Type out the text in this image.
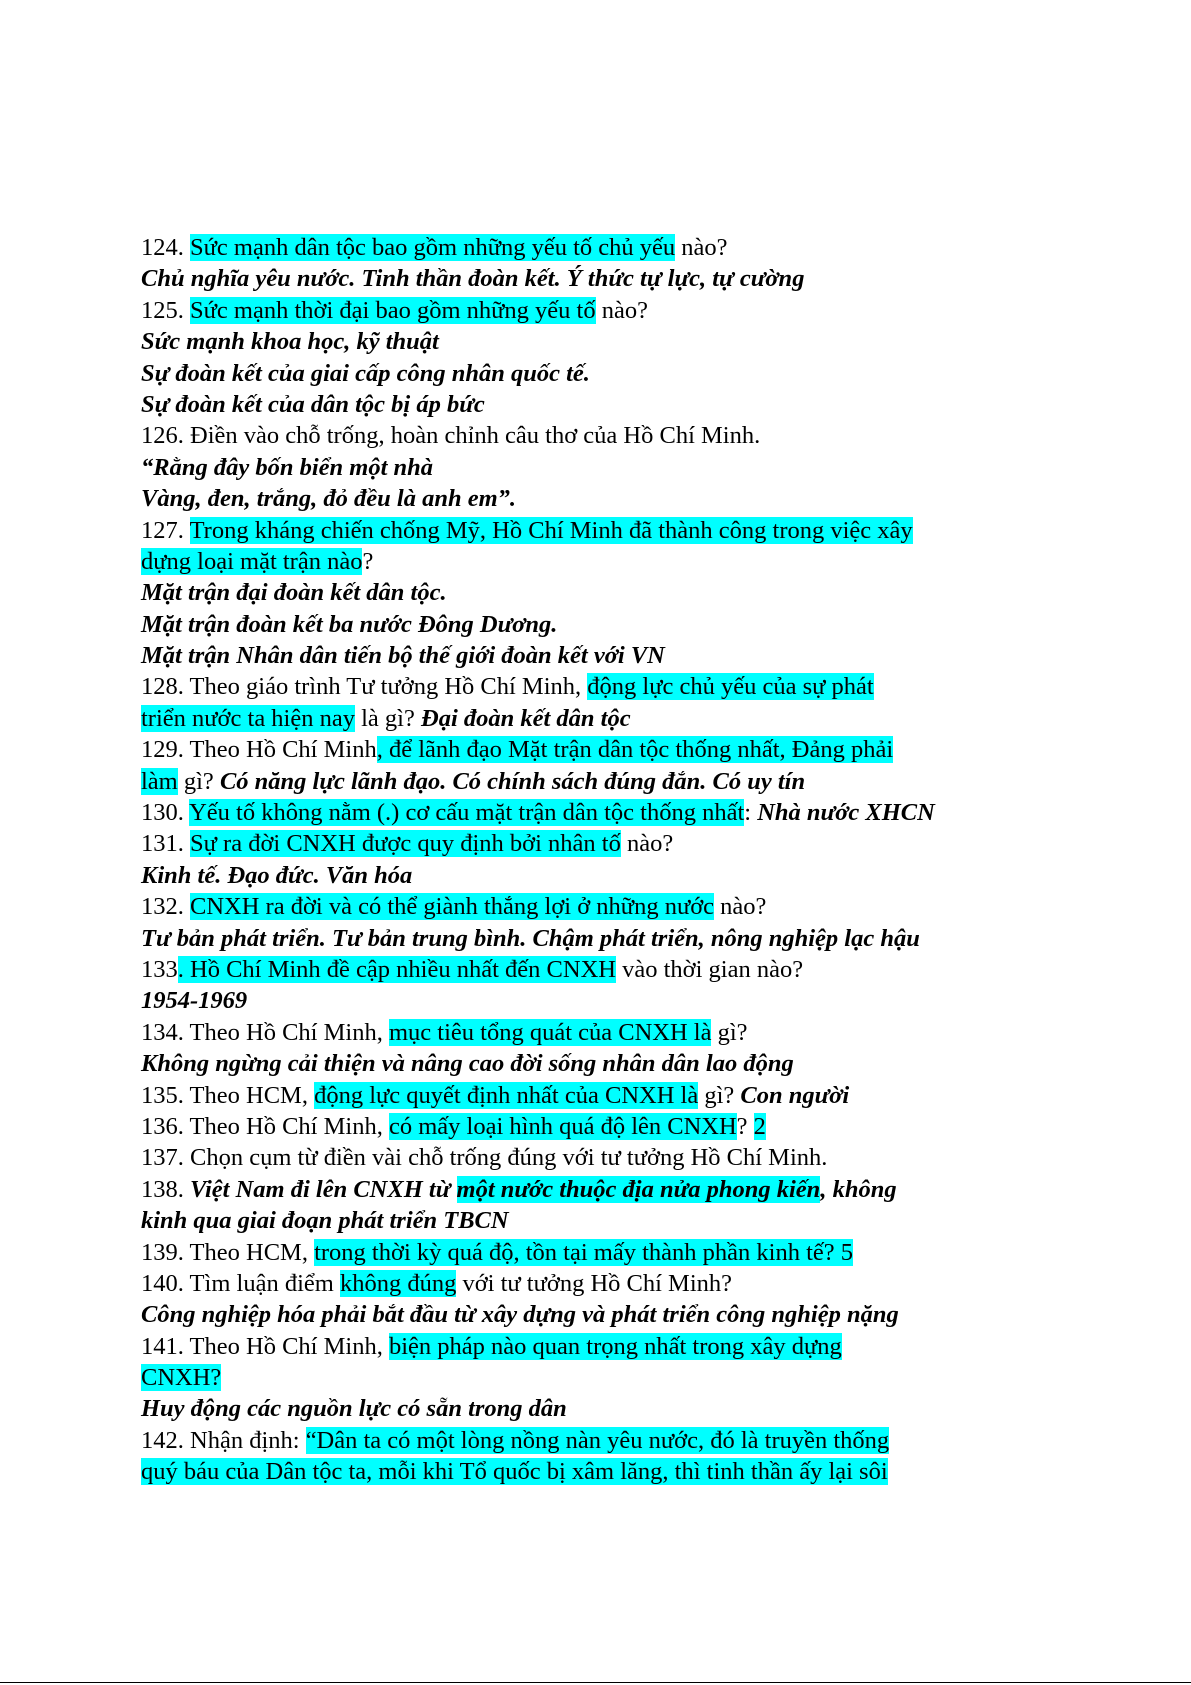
124. Sức mạnh dân tộc bao gồm những yếu tố chủ yếu nào?
Chủ nghĩa yêu nước. Tinh thần đoàn kết. Ý thức tự lực, tự cường
125. Sức mạnh thời đại bao gồm những yếu tố nào?
Sức mạnh khoa học, kỹ thuật
Sự đoàn kết của giai cấp công nhân quốc tế.
Sự đoàn kết của dân tộc bị áp bức
126. Điền vào chỗ trống, hoàn chỉnh câu thơ của Hồ Chí Minh.
“Rằng đây bốn biển một nhà
Vàng, đen, trắng, đỏ đều là anh em”.
127. Trong kháng chiến chống Mỹ, Hồ Chí Minh đã thành công trong việc xây
dựng loại mặt trận nào?
Mặt trận đại đoàn kết dân tộc.
Mặt trận đoàn kết ba nước Đông Dương.
Mặt trận Nhân dân tiến bộ thế giới đoàn kết với VN
128. Theo giáo trình Tư tưởng Hồ Chí Minh, động lực chủ yếu của sự phát
triển nước ta hiện nay là gì? Đại đoàn kết dân tộc
129. Theo Hồ Chí Minh, để lãnh đạo Mặt trận dân tộc thống nhất, Đảng phải
làm gì? Có năng lực lãnh đạo. Có chính sách đúng đắn. Có uy tín
130. Yếu tố không nằm (.) cơ cấu mặt trận dân tộc thống nhất: Nhà nước XHCN
131. Sự ra đời CNXH được quy định bởi nhân tố nào?
Kinh tế. Đạo đức. Văn hóa
132. CNXH ra đời và có thể giành thắng lợi ở những nước nào?
Tư bản phát triển. Tư bản trung bình. Chậm phát triển, nông nghiệp lạc hậu
133. Hồ Chí Minh đề cập nhiều nhất đến CNXH vào thời gian nào?
1954-1969
134. Theo Hồ Chí Minh, mục tiêu tổng quát của CNXH là gì?
Không ngừng cải thiện và nâng cao đời sống nhân dân lao động
135. Theo HCM, động lực quyết định nhất của CNXH là gì? Con người
136. Theo Hồ Chí Minh, có mấy loại hình quá độ lên CNXH? 2
137. Chọn cụm từ điền vài chỗ trống đúng với tư tưởng Hồ Chí Minh.
138. Việt Nam đi lên CNXH từ một nước thuộc địa nửa phong kiến, không
kinh qua giai đoạn phát triển TBCN
139. Theo HCM, trong thời kỳ quá độ, tồn tại mấy thành phần kinh tế? 5
140. Tìm luận điểm không đúng với tư tưởng Hồ Chí Minh?
Công nghiệp hóa phải bắt đầu từ xây dựng và phát triển công nghiệp nặng
141. Theo Hồ Chí Minh, biện pháp nào quan trọng nhất trong xây dựng
CNXH?
Huy động các nguồn lực có sẵn trong dân
142. Nhận định: “Dân ta có một lòng nồng nàn yêu nước, đó là truyền thống
quý báu của Dân tộc ta, mỗi khi Tổ quốc bị xâm lăng, thì tinh thần ấy lại sôi
